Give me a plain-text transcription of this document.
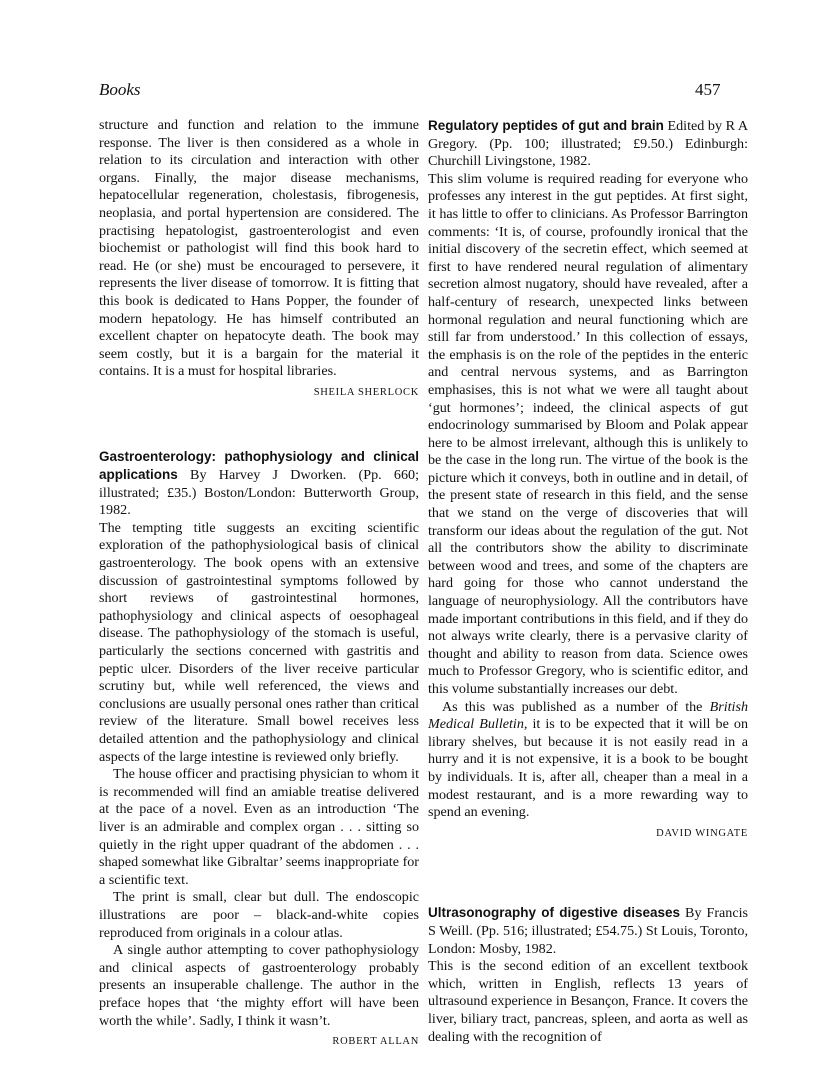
Books	457

structure and function and relation to the immune response. The liver is then considered as a whole in relation to its circulation and interaction with other organs. Finally, the major disease mechanisms, hepatocellular regeneration, cholestasis, fibrogenesis, neoplasia, and portal hypertension are considered. The practising hepatologist, gastroenterologist and even biochemist or pathologist will find this book hard to read. He (or she) must be encouraged to persevere, it represents the liver disease of tomorrow. It is fitting that this book is dedicated to Hans Popper, the founder of modern hepatology. He has himself contributed an excellent chapter on hepatocyte death. The book may seem costly, but it is a bargain for the material it contains. It is a must for hospital libraries.

SHEILA SHERLOCK

Gastroenterology: pathophysiology and clinical applications By Harvey J Dworken. (Pp. 660; illustrated; £35.) Boston/London: Butterworth Group, 1982.

The tempting title suggests an exciting scientific exploration of the pathophysiological basis of clinical gastroenterology. The book opens with an extensive discussion of gastrointestinal symptoms followed by short reviews of gastrointestinal hormones, pathophysiology and clinical aspects of oesophageal disease. The pathophysiology of the stomach is useful, particularly the sections concerned with gastritis and peptic ulcer. Disorders of the liver receive particular scrutiny but, while well referenced, the views and conclusions are usually personal ones rather than critical review of the literature. Small bowel receives less detailed attention and the pathophysiology and clinical aspects of the large intestine is reviewed only briefly.

The house officer and practising physician to whom it is recommended will find an amiable treatise delivered at the pace of a novel. Even as an introduction ‘The liver is an admirable and complex organ . . . sitting so quietly in the right upper quadrant of the abdomen . . . shaped somewhat like Gibraltar’ seems inappropriate for a scientific text.

The print is small, clear but dull. The endoscopic illustrations are poor – black-and-white copies reproduced from originals in a colour atlas.

A single author attempting to cover pathophysiology and clinical aspects of gastroenterology probably presents an insuperable challenge. The author in the preface hopes that ‘the mighty effort will have been worth the while’. Sadly, I think it wasn’t.

ROBERT ALLAN

Regulatory peptides of gut and brain Edited by R A Gregory. (Pp. 100; illustrated; £9.50.) Edinburgh: Churchill Livingstone, 1982.

This slim volume is required reading for everyone who professes any interest in the gut peptides. At first sight, it has little to offer to clinicians. As Professor Barrington comments: ‘It is, of course, profoundly ironical that the initial discovery of the secretin effect, which seemed at first to have rendered neural regulation of alimentary secretion almost nugatory, should have revealed, after a half-century of research, unexpected links between hormonal regulation and neural functioning which are still far from understood.’ In this collection of essays, the emphasis is on the role of the peptides in the enteric and central nervous systems, and as Barrington emphasises, this is not what we were all taught about ‘gut hormones’; indeed, the clinical aspects of gut endocrinology summarised by Bloom and Polak appear here to be almost irrelevant, although this is unlikely to be the case in the long run. The virtue of the book is the picture which it conveys, both in outline and in detail, of the present state of research in this field, and the sense that we stand on the verge of discoveries that will transform our ideas about the regulation of the gut. Not all the contributors show the ability to discriminate between wood and trees, and some of the chapters are hard going for those who cannot understand the language of neurophysiology. All the contributors have made important contributions in this field, and if they do not always write clearly, there is a pervasive clarity of thought and ability to reason from data. Science owes much to Professor Gregory, who is scientific editor, and this volume substantially increases our debt.

As this was published as a number of the British Medical Bulletin, it is to be expected that it will be on library shelves, but because it is not easily read in a hurry and it is not expensive, it is a book to be bought by individuals. It is, after all, cheaper than a meal in a modest restaurant, and is a more rewarding way to spend an evening.

DAVID WINGATE

Ultrasonography of digestive diseases By Francis S Weill. (Pp. 516; illustrated; £54.75.) St Louis, Toronto, London: Mosby, 1982.

This is the second edition of an excellent textbook which, written in English, reflects 13 years of ultrasound experience in Besançon, France. It covers the liver, biliary tract, pancreas, spleen, and aorta as well as dealing with the recognition of
